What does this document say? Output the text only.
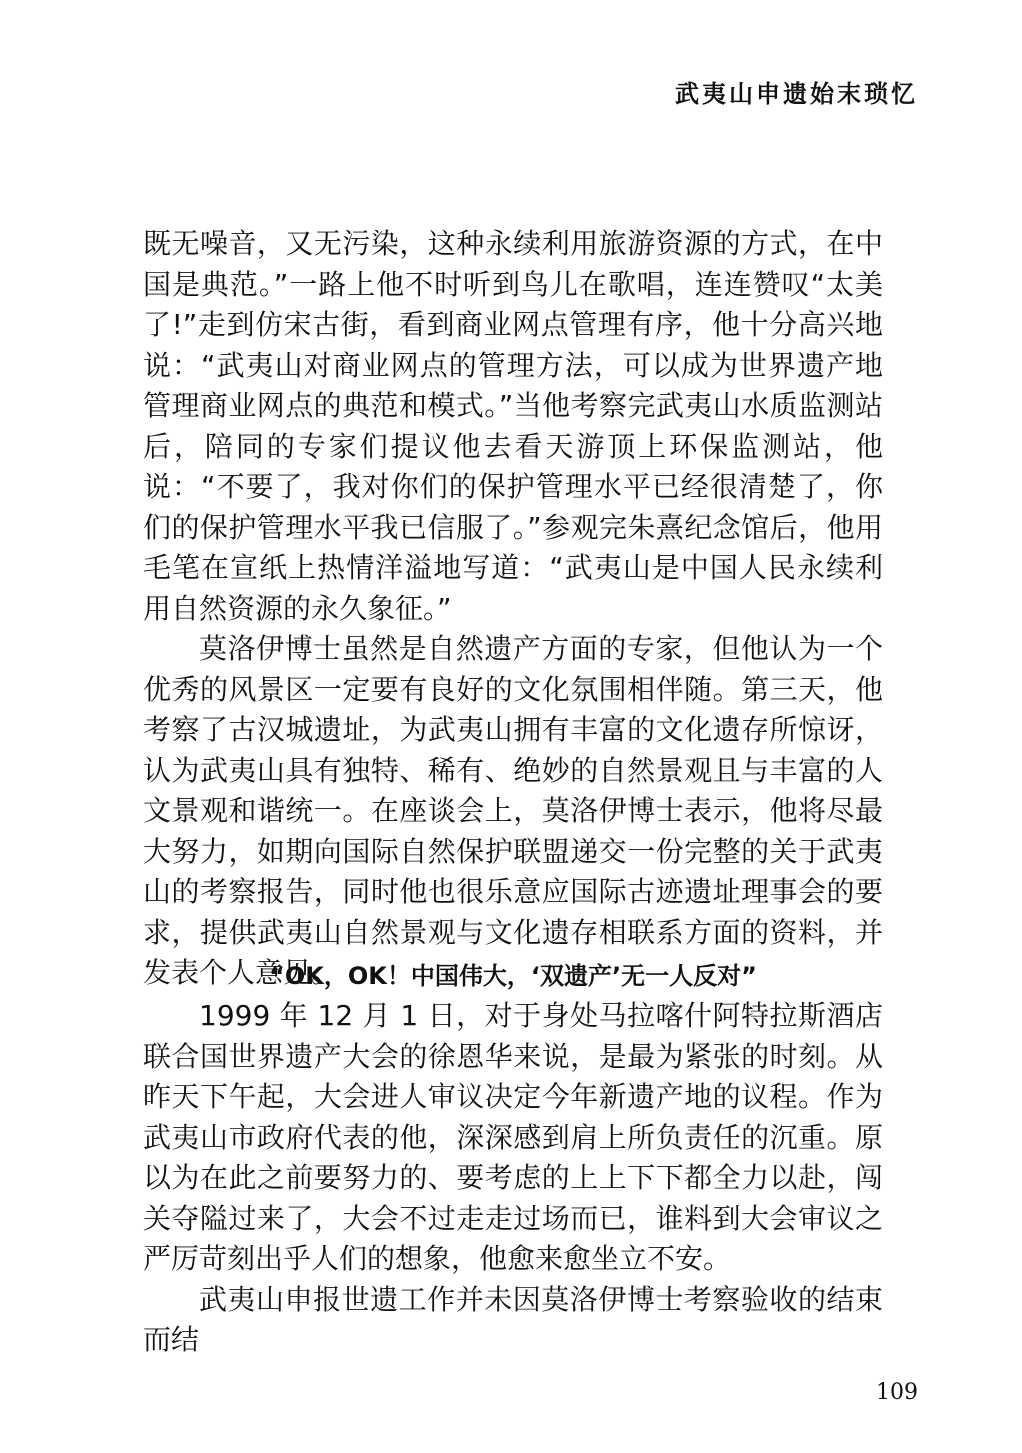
武夷山申遗始末琐忆

既无噪音，又无污染，这种永续利用旅游资源的方式，在中国是典范。”一路上他不时听到鸟儿在歌唱，连连赞叹“太美了!”走到仿宋古街，看到商业网点管理有序，他十分高兴地说：“武夷山对商业网点的管理方法，可以成为世界遗产地管理商业网点的典范和模式。”当他考察完武夷山水质监测站后，陪同的专家们提议他去看天游顶上环保监测站，他说：“不要了，我对你们的保护管理水平已经很清楚了，你们的保护管理水平我已信服了。”参观完朱熹纪念馆后，他用毛笔在宣纸上热情洋溢地写道：“武夷山是中国人民永续利用自然资源的永久象征。”

莫洛伊博士虽然是自然遗产方面的专家，但他认为一个优秀的风景区一定要有良好的文化氛围相伴随。第三天，他考察了古汉城遗址，为武夷山拥有丰富的文化遗存所惊讶，认为武夷山具有独特、稀有、绝妙的自然景观且与丰富的人文景观和谐统一。在座谈会上，莫洛伊博士表示，他将尽最大努力，如期向国际自然保护联盟递交一份完整的关于武夷山的考察报告，同时他也很乐意应国际古迹遗址理事会的要求，提供武夷山自然景观与文化遗存相联系方面的资料，并发表个人意见。

“OK，OK！中国伟大，‘双遗产’无一人反对”

1999 年 12 月 1 日，对于身处马拉喀什阿特拉斯酒店联合国世界遗产大会的徐恩华来说，是最为紧张的时刻。从昨天下午起，大会进人审议决定今年新遗产地的议程。作为武夷山市政府代表的他，深深感到肩上所负责任的沉重。原以为在此之前要努力的、要考虑的上上下下都全力以赴，闯关夺隘过来了，大会不过走走过场而已，谁料到大会审议之严厉苛刻出乎人们的想象，他愈来愈坐立不安。

武夷山申报世遗工作并未因莫洛伊博士考察验收的结束而结

109
